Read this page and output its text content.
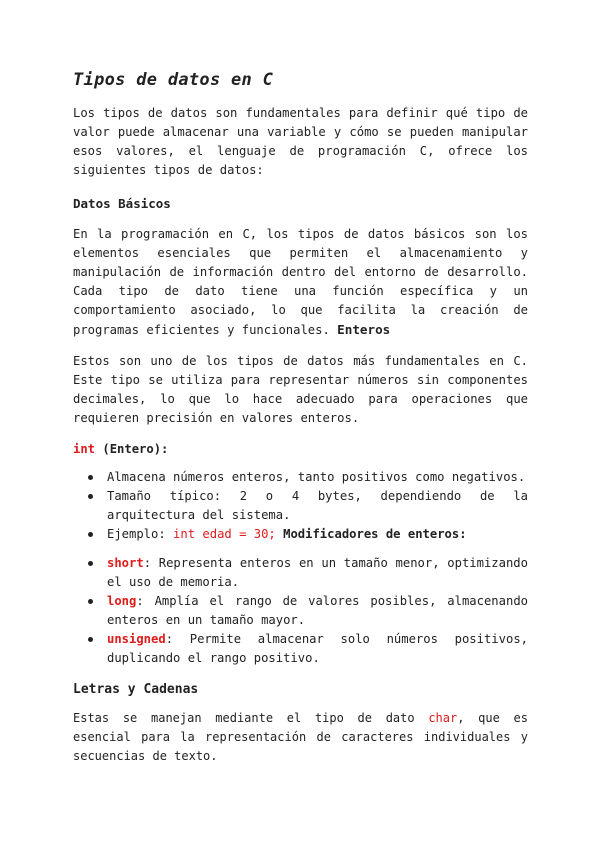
Tipos de datos en C

Los tipos de datos son fundamentales para definir qué tipo de valor puede almacenar una variable y cómo se pueden manipular esos valores, el lenguaje de programación C, ofrece los siguientes tipos de datos:

Datos Básicos

En la programación en C, los tipos de datos básicos son los elementos esenciales que permiten el almacenamiento y manipulación de información dentro del entorno de desarrollo. Cada tipo de dato tiene una función específica y un comportamiento asociado, lo que facilita la creación de programas eficientes y funcionales. Enteros

Estos son uno de los tipos de datos más fundamentales en C. Este tipo se utiliza para representar números sin componentes decimales, lo que lo hace adecuado para operaciones que requieren precisión en valores enteros.

int (Entero):
Almacena números enteros, tanto positivos como negativos.
Tamaño típico: 2 o 4 bytes, dependiendo de la arquitectura del sistema.
Ejemplo: int edad = 30; Modificadores de enteros:
short: Representa enteros en un tamaño menor, optimizando el uso de memoria.
long: Amplía el rango de valores posibles, almacenando enteros en un tamaño mayor.
unsigned: Permite almacenar solo números positivos, duplicando el rango positivo.
Letras y Cadenas

Estas se manejan mediante el tipo de dato char, que es esencial para la representación de caracteres individuales y secuencias de texto.
